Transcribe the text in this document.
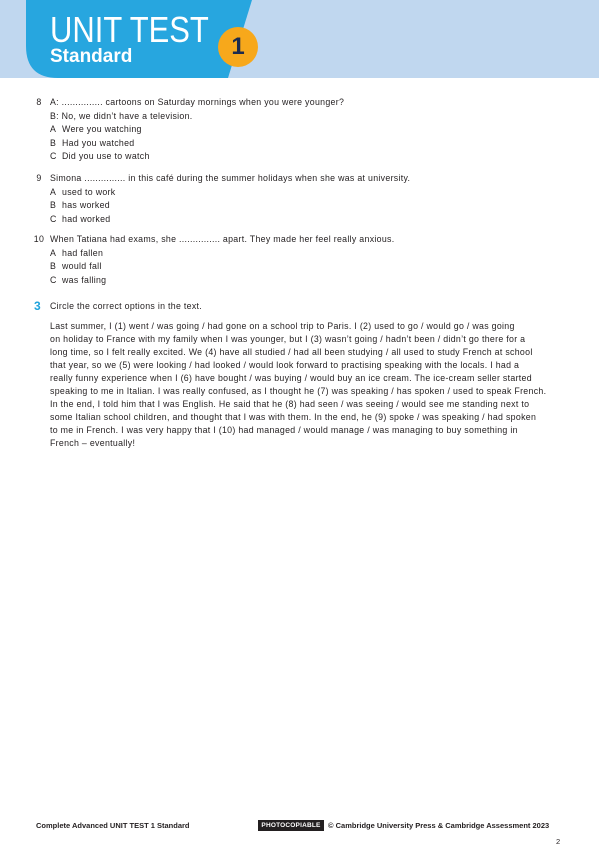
UNIT TEST
Standard	1
8 A: ............... cartoons on Saturday mornings when you were younger?
B: No, we didn’t have a television.
A Were you watching
B Had you watched
C Did you use to watch
9 Simona ............... in this café during the summer holidays when she was at university.
A used to work
B has worked
C had worked
10 When Tatiana had exams, she ............... apart. They made her feel really anxious.
A had fallen
B would fall
C was falling
3 Circle the correct options in the text.
Last summer, I (1) went / was going / had gone on a school trip to Paris. I (2) used to go / would go / was going
on holiday to France with my family when I was younger, but I (3) wasn’t going / hadn’t been / didn’t go there for a
long time, so I felt really excited. We (4) have all studied / had all been studying / all used to study French at school
that year, so we (5) were looking / had looked / would look forward to practising speaking with the locals. I had a
really funny experience when I (6) have bought / was buying / would buy an ice cream. The ice-cream seller started
speaking to me in Italian. I was really confused, as I thought he (7) was speaking / has spoken / used to speak French.
In the end, I told him that I was English. He said that he (8) had seen / was seeing / would see me standing next to
some Italian school children, and thought that I was with them. In the end, he (9) spoke / was speaking / had spoken
to me in French. I was very happy that I (10) had managed / would manage / was managing to buy something in
French – eventually!
Complete Advanced UNIT TEST 1 Standard	PHOTOCOPIABLE © Cambridge University Press & Cambridge Assessment 2023
2
